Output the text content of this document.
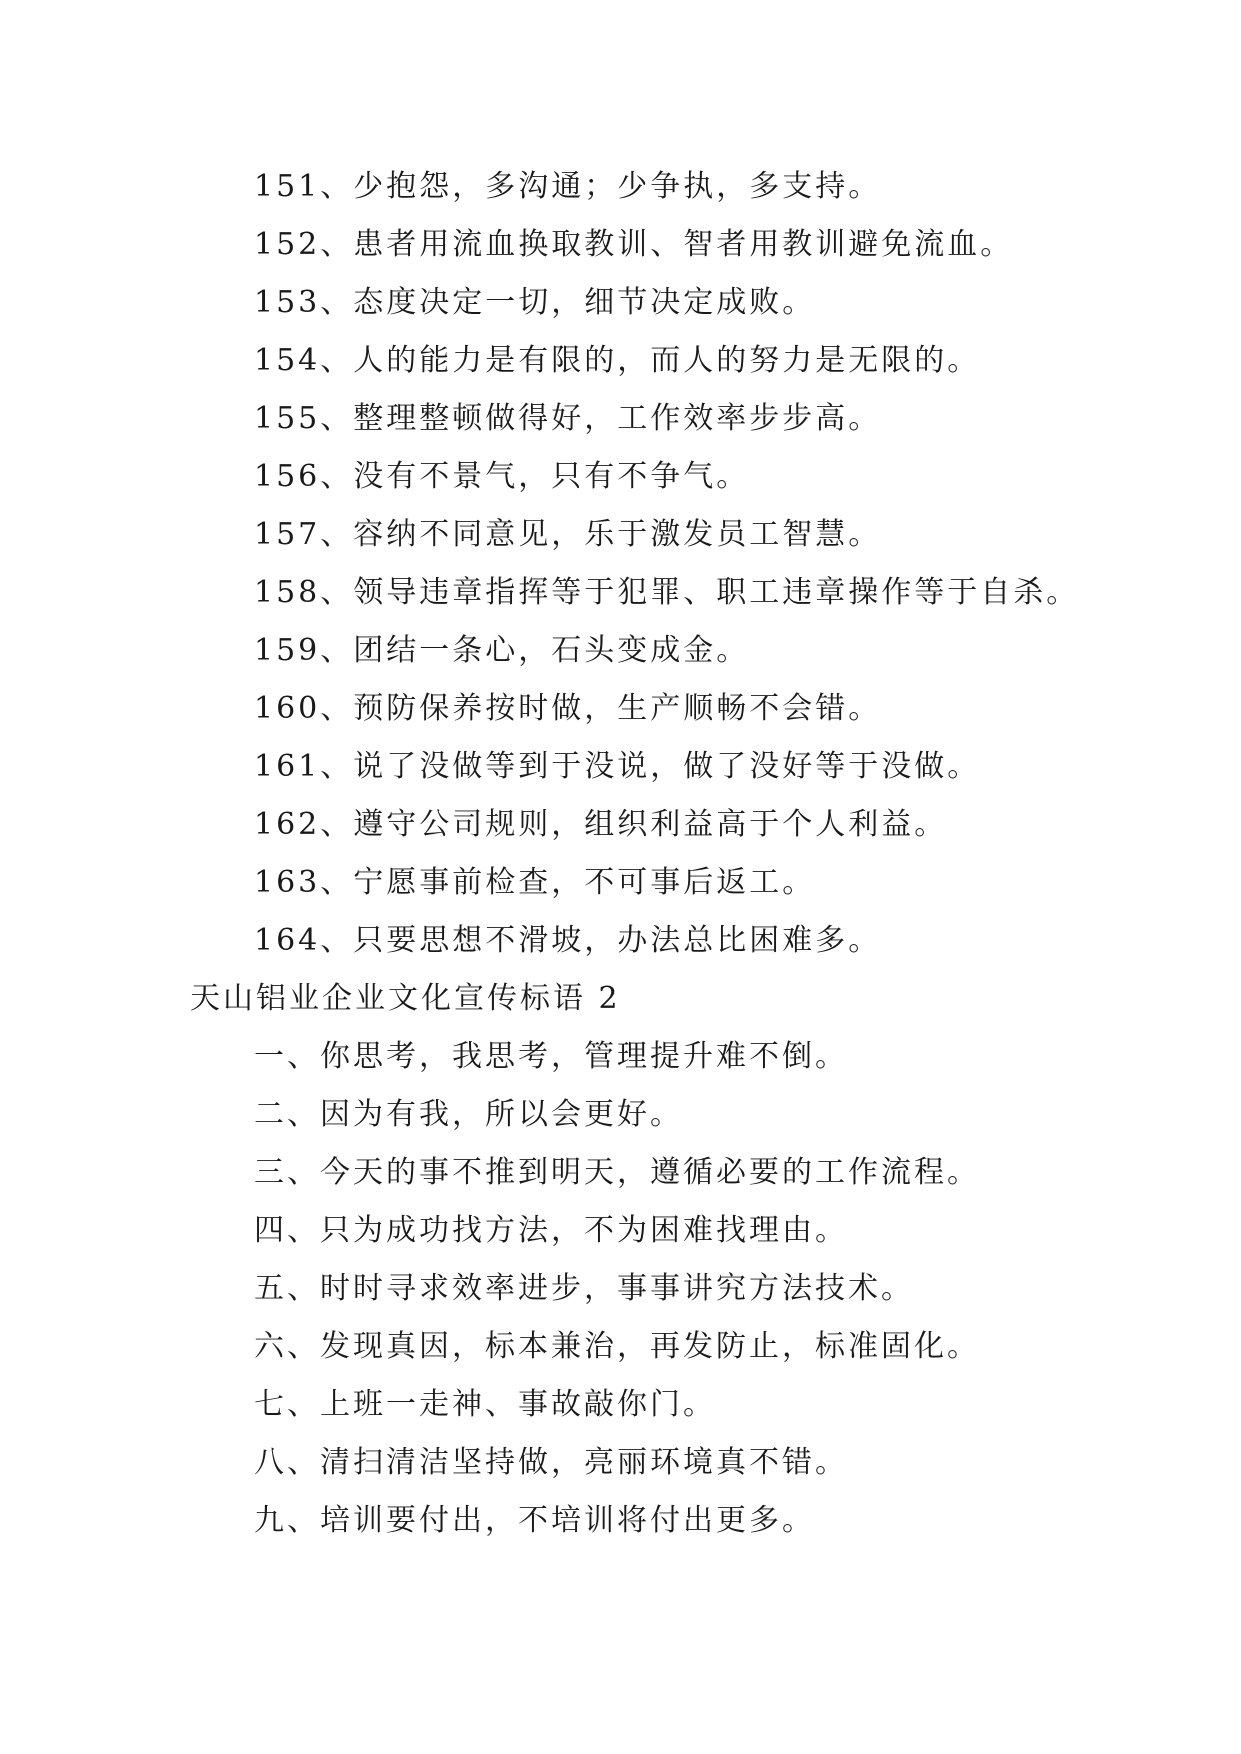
151、少抱怨，多沟通；少争执，多支持。
152、患者用流血换取教训、智者用教训避免流血。
153、态度决定一切，细节决定成败。
154、人的能力是有限的，而人的努力是无限的。
155、整理整顿做得好，工作效率步步高。
156、没有不景气，只有不争气。
157、容纳不同意见，乐于激发员工智慧。
158、领导违章指挥等于犯罪、职工违章操作等于自杀。
159、团结一条心，石头变成金。
160、预防保养按时做，生产顺畅不会错。
161、说了没做等到于没说，做了没好等于没做。
162、遵守公司规则，组织利益高于个人利益。
163、宁愿事前检查，不可事后返工。
164、只要思想不滑坡，办法总比困难多。
天山铝业企业文化宣传标语 2
一、你思考，我思考，管理提升难不倒。
二、因为有我，所以会更好。
三、今天的事不推到明天，遵循必要的工作流程。
四、只为成功找方法，不为困难找理由。
五、时时寻求效率进步，事事讲究方法技术。
六、发现真因，标本兼治，再发防止，标准固化。
七、上班一走神、事故敲你门。
八、清扫清洁坚持做，亮丽环境真不错。
九、培训要付出，不培训将付出更多。
